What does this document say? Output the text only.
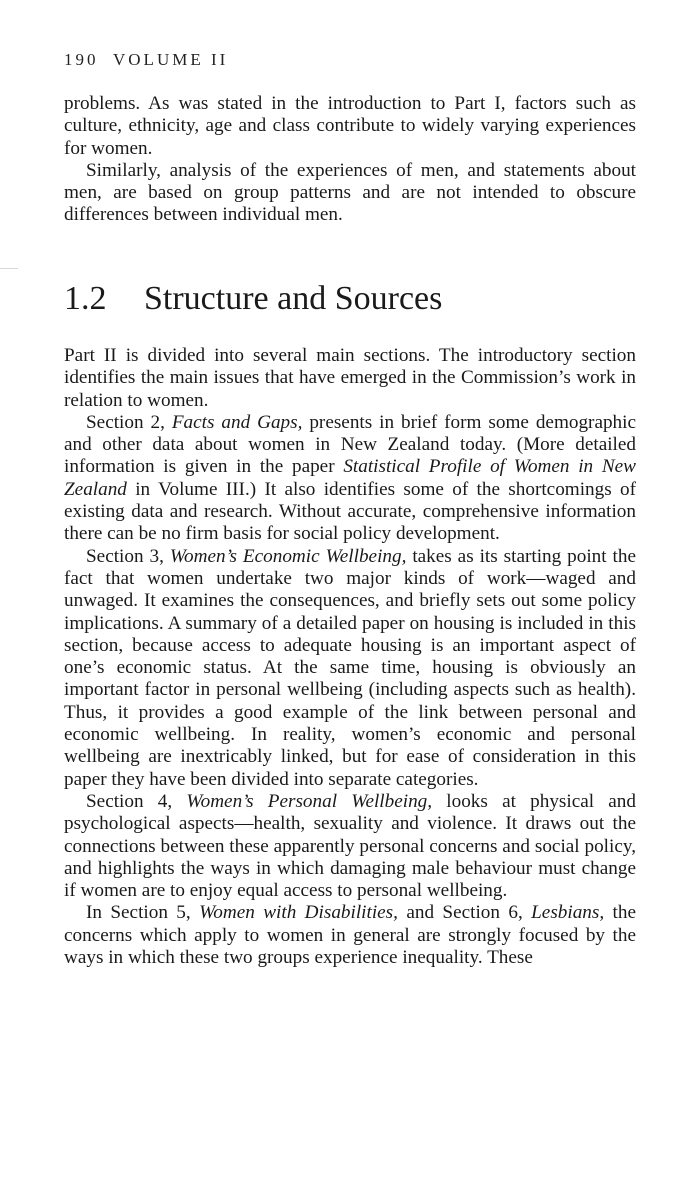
190 VOLUME II

problems. As was stated in the introduction to Part I, factors such as culture, ethnicity, age and class contribute to widely varying experiences for women.

Similarly, analysis of the experiences of men, and statements about men, are based on group patterns and are not intended to obscure differences between individual men.

1.2 Structure and Sources

Part II is divided into several main sections. The introductory section identifies the main issues that have emerged in the Commission’s work in relation to women.

Section 2, Facts and Gaps, presents in brief form some demographic and other data about women in New Zealand today. (More detailed information is given in the paper Statistical Profile of Women in New Zealand in Volume III.) It also identifies some of the shortcomings of existing data and research. Without accurate, comprehensive information there can be no firm basis for social policy development.

Section 3, Women’s Economic Wellbeing, takes as its starting point the fact that women undertake two major kinds of work—waged and unwaged. It examines the consequences, and briefly sets out some policy implications. A summary of a detailed paper on housing is included in this section, because access to adequate housing is an important aspect of one’s economic status. At the same time, housing is obviously an important factor in personal wellbeing (including aspects such as health). Thus, it provides a good example of the link between personal and economic wellbeing. In reality, women’s economic and personal wellbeing are inextricably linked, but for ease of consideration in this paper they have been divided into separate categories.

Section 4, Women’s Personal Wellbeing, looks at physical and psychological aspects—health, sexuality and violence. It draws out the connections between these apparently personal concerns and social policy, and highlights the ways in which damaging male behaviour must change if women are to enjoy equal access to personal wellbeing.

In Section 5, Women with Disabilities, and Section 6, Lesbians, the concerns which apply to women in general are strongly focused by the ways in which these two groups experience inequality. These
